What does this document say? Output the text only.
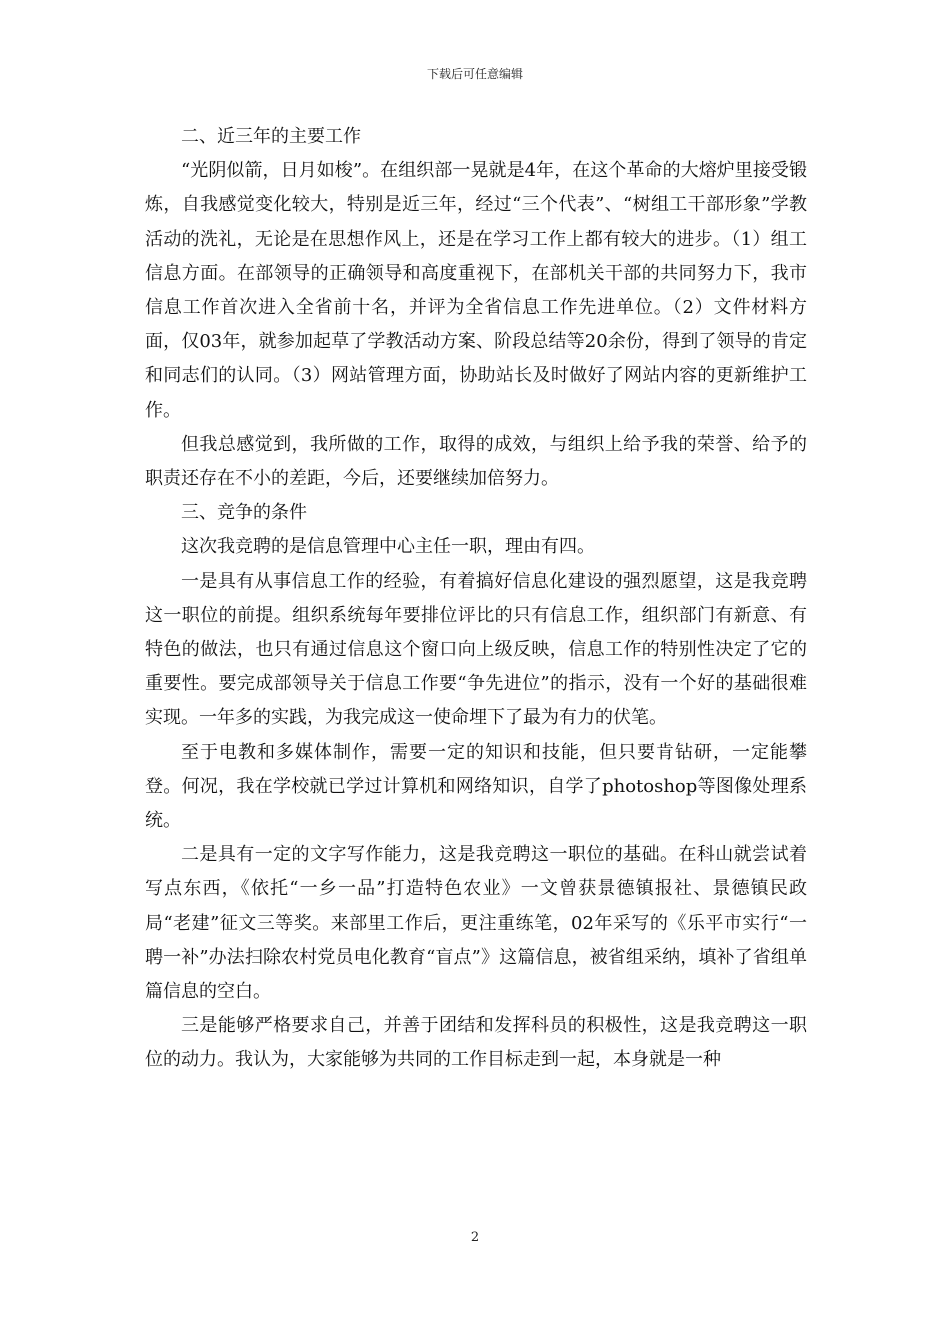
下载后可任意编辑

二、近三年的主要工作

“光阴似箭，日月如梭”。在组织部一晃就是4年，在这个革命的大熔炉里接受锻炼，自我感觉变化较大，特别是近三年，经过“三个代表”、“树组工干部形象”学教活动的洗礼，无论是在思想作风上，还是在学习工作上都有较大的进步。（1）组工信息方面。在部领导的正确领导和高度重视下，在部机关干部的共同努力下，我市信息工作首次进入全省前十名，并评为全省信息工作先进单位。（2）文件材料方面，仅03年，就参加起草了学教活动方案、阶段总结等20余份，得到了领导的肯定和同志们的认同。（3）网站管理方面，协助站长及时做好了网站内容的更新维护工作。

但我总感觉到，我所做的工作，取得的成效，与组织上给予我的荣誉、给予的职责还存在不小的差距，今后，还要继续加倍努力。

三、竞争的条件

这次我竞聘的是信息管理中心主任一职，理由有四。

一是具有从事信息工作的经验，有着搞好信息化建设的强烈愿望，这是我竞聘这一职位的前提。组织系统每年要排位评比的只有信息工作，组织部门有新意、有特色的做法，也只有通过信息这个窗口向上级反映，信息工作的特别性决定了它的重要性。要完成部领导关于信息工作要“争先进位”的指示，没有一个好的基础很难实现。一年多的实践，为我完成这一使命埋下了最为有力的伏笔。

至于电教和多媒体制作，需要一定的知识和技能，但只要肯钻研，一定能攀登。何况，我在学校就已学过计算机和网络知识，自学了photoshop等图像处理系统。

二是具有一定的文字写作能力，这是我竞聘这一职位的基础。在科山就尝试着写点东西，《依托“一乡一品”打造特色农业》一文曾获景德镇报社、景德镇民政局“老建”征文三等奖。来部里工作后，更注重练笔，02年采写的《乐平市实行“一聘一补”办法扫除农村党员电化教育“盲点”》这篇信息，被省组采纳，填补了省组单篇信息的空白。

三是能够严格要求自己，并善于团结和发挥科员的积极性，这是我竞聘这一职位的动力。我认为，大家能够为共同的工作目标走到一起，本身就是一种

2
